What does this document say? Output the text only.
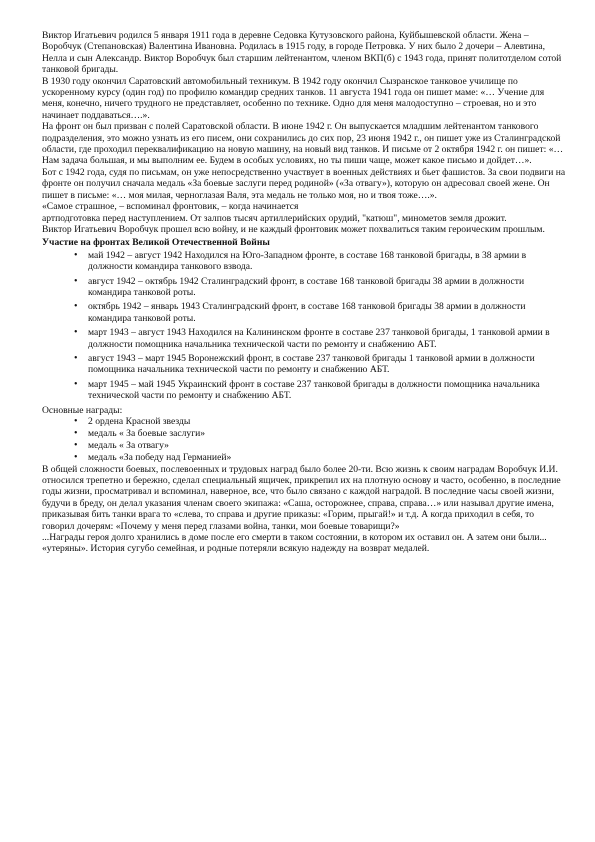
Виктор Игатьевич родился 5 января 1911 года в деревне Седовка Кутузовского района, Куйбышевской области. Жена – Воробчук (Степановская) Валентина Ивановна. Родилась в 1915 году, в городе Петровка. У них было 2 дочери – Алевтина, Нелла и сын Александр. Виктор Воробчук был старшим лейтенантом, членом ВКП(б) с 1943 года, принят политотделом сотой танковой бригады.

В 1930 году окончил Саратовский автомобильный техникум. В 1942 году окончил Сызранское танковое училище по ускоренному курсу (один год) по профилю командир средних танков. 11 августа 1941 года он пишет маме: «… Учение для меня, конечно, ничего трудного не представляет, особенно по технике. Одно для меня малодоступно – строевая, но и это начинает поддаваться….».

На фронт он был призван с полей Саратовской области. В июне 1942 г. Он выпускается младшим лейтенантом танкового подразделения, это можно узнать из его писем, они сохранились до сих пор, 23 июня 1942 г., он пишет уже из Сталинградской области, где проходил переквалификацию на новую машину, на новый вид танков. И письме от 2 октября 1942 г. он пишет: «…Нам задача большая, и мы выполним ее. Будем в особых условиях, но ты пиши чаще, может какое письмо и дойдет…».

Бот с 1942 года, судя по письмам, он уже непосредственно участвует в военных действиях и бьет фашистов. За свои подвиги на фронте он получил сначала медаль «За боевые заслуги перед родиной» («За отвагу»), которую он адресовал своей жене. Он пишет в письме: «… моя милая, черноглазая Валя, эта медаль не только моя, но и твоя тоже….».

«Самое страшное, – вспоминал фронтовик, – когда начинается

артподготовка перед наступлением. От залпов тысяч артиллерийских орудий, "катюш", минометов земля дрожит.

Виктор Игатьевич Воробчук прошел всю войну, и не каждый фронтовик может похвалиться таким героическим прошлым.

Участие на фронтах Великой Отечественной Войны

• май 1942 – август 1942 Находился на Юго-Западном фронте, в составе 168 танковой бригады, в 38 армии в должности командира танкового взвода.
• август 1942 – октябрь 1942 Сталинградский фронт, в составе 168 танковой бригады 38 армии в должности командира танковой роты.
• октябрь 1942 – январь 1943 Сталинградский фронт, в составе 168 танковой бригады 38 армии в должности командира танковой роты.
• март 1943 – август 1943 Находился на Калининском фронте в составе 237 танковой бригады, 1 танковой армии в должности помощника начальника технической части по ремонту и снабжению АБТ.
• август 1943 – март 1945 Воронежский фронт, в составе 237 танковой бригады 1 танковой армии в должности помощника начальника технической части по ремонту и снабжению АБТ.
• март 1945 – май 1945 Украинский фронт в составе 237 танковой бригады в должности помощника начальника технической части по ремонту и снабжению АБТ.

Основные награды:

• 2 ордена Красной звезды
• медаль « За боевые заслуги»
• медаль « За отвагу»
• медаль «За победу над Германией»

В общей сложности боевых, послевоенных и трудовых наград было более 20-ти. Всю жизнь к своим наградам Воробчук И.И. относился трепетно и бережно, сделал специальный ящичек, прикрепил их на плотную основу и часто, особенно, в последние годы жизни, просматривал и вспоминал, наверное, все, что было связано с каждой наградой. В последние часы своей жизни, будучи в бреду, он делал указания членам своего экипажа: «Саша, осторожнее, справа, справа…» или называл другие имена, приказывая бить танки врага то «слева, то справа и другие приказы: «Горим, прыгай!» и т.д. А когда приходил в себя, то говорил дочерям: «Почему у меня перед глазами война, танки, мои боевые товарищи?»

...Награды героя долго хранились в доме после его смерти в таком состоянии, в котором их оставил он. А затем они были... «утеряны». История сугубо семейная, и родные потеряли всякую надежду на возврат медалей.
